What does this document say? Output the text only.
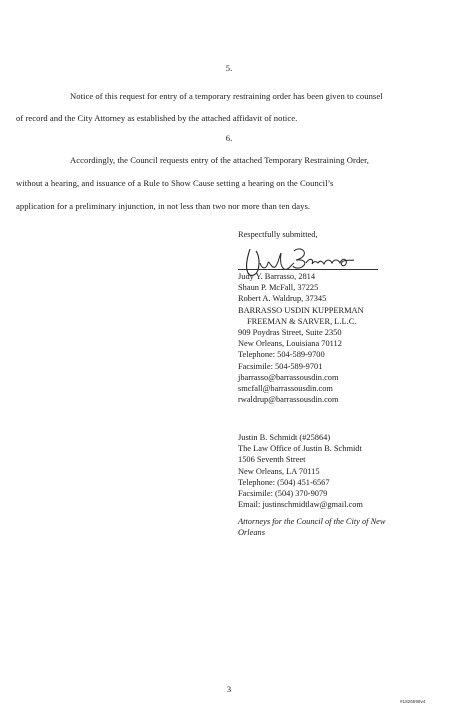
5.
Notice of this request for entry of a temporary restraining order has been given to counsel
of record and the City Attorney as established by the attached affidavit of notice.
6.
Accordingly, the Council requests entry of the attached Temporary Restraining Order,
without a hearing, and issuance of a Rule to Show Cause setting a hearing on the Council’s
application for a preliminary injunction, in not less than two nor more than ten days.
Respectfully submitted,
Judy Y. Barrasso, 2814
Shaun P. McFall, 37225
Robert A. Waldrup, 37345
BARRASSO USDIN KUPPERMAN
FREEMAN & SARVER, L.L.C.
909 Poydras Street, Suite 2350
New Orleans, Louisiana 70112
Telephone: 504-589-9700
Facsimile: 504-589-9701
jbarrasso@barrassousdin.com
smcfall@barrassousdin.com
rwaldrup@barrassousdin.com
Justin B. Schmidt (#25864)
The Law Office of Justin B. Schmidt
1506 Seventh Street
New Orleans, LA 70115
Telephone: (504) 451-6567
Facsimile: (504) 370-9079
Email: justinschmidtlaw@gmail.com
Attorneys for the Council of the City of New
Orleans
3
#1826599v4
